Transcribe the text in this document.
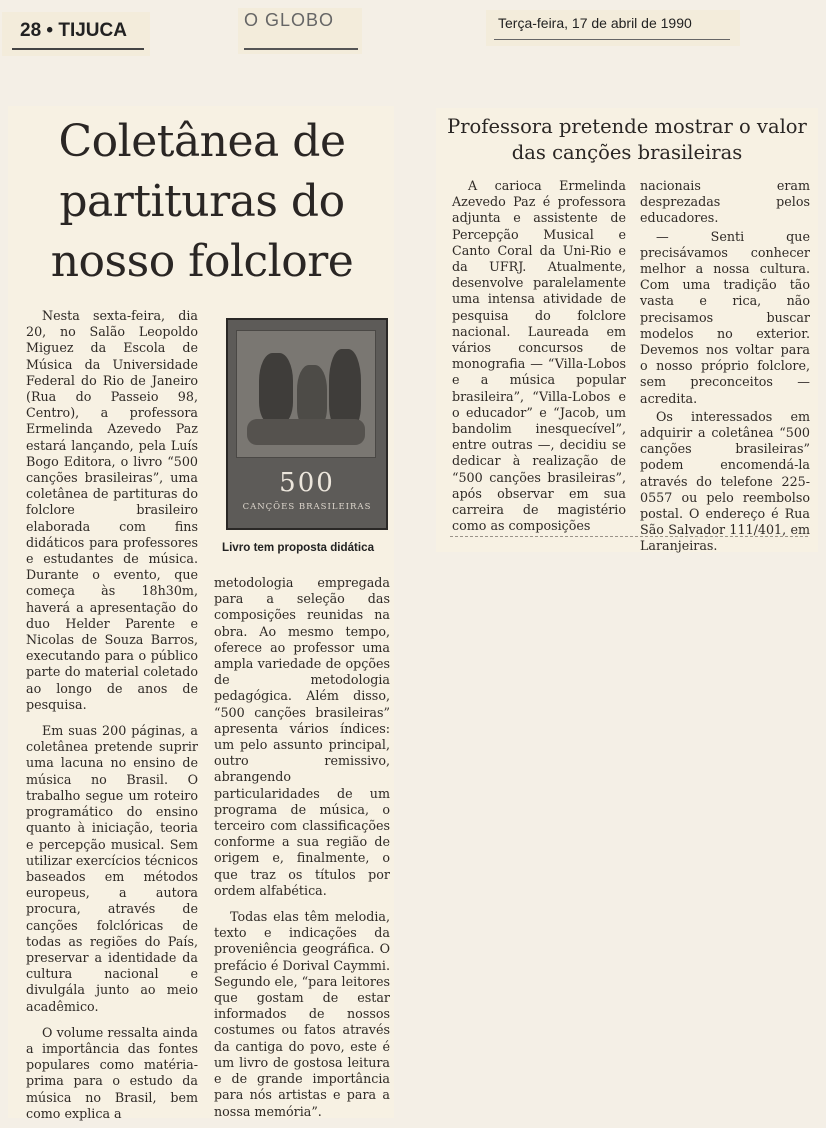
28 • TIJUCA	O GLOBO	Terça-feira, 17 de abril de 1990
Coletânea de partituras do nosso folclore

Nesta sexta-feira, dia 20, no Salão Leopoldo Miguez da Escola de Música da Universidade Federal do Rio de Janeiro (Rua do Passeio 98, Centro), a professora Ermelinda Azevedo Paz estará lançando, pela Luís Bogo Editora, o livro “500 canções brasileiras”, uma coletânea de partituras do folclore brasileiro elaborada com fins didáticos para professores e estudantes de música. Durante o evento, que começa às 18h30m, haverá a apresentação do duo Helder Parente e Nicolas de Souza Barros, executando para o público parte do material coletado ao longo de anos de pesquisa.

Em suas 200 páginas, a coletânea pretende suprir uma lacuna no ensino de música no Brasil. O trabalho segue um roteiro programático do ensino quanto à iniciação, teoria e percepção musical. Sem utilizar exercícios técnicos baseados em métodos europeus, a autora procura, através de canções folclóricas de todas as regiões do País, preservar a identidade da cultura nacional e divulgála junto ao meio acadêmico.

O volume ressalta ainda a importância das fontes populares como matéria-prima para o estudo da música no Brasil, bem como explica a

metodologia empregada para a seleção das composições reunidas na obra. Ao mesmo tempo, oferece ao professor uma ampla variedade de opções de metodologia pedagógica. Além disso, “500 canções brasileiras” apresenta vários índices: um pelo assunto principal, outro remissivo, abrangendo particularidades de um programa de música, o terceiro com classificações conforme a sua região de origem e, finalmente, o que traz os títulos por ordem alfabética.

Todas elas têm melodia, texto e indicações da proveniência geográfica. O prefácio é Dorival Caymmi. Segundo ele, “para leitores que gostam de estar informados de nossos costumes ou fatos através da cantiga do povo, este é um livro de gostosa leitura e de grande importância para nós artistas e para a nossa memória”.

500
CANÇÕES BRASILEIRAS
Livro tem proposta didática
Professora pretende mostrar o valor das canções brasileiras

A carioca Ermelinda Azevedo Paz é professora adjunta e assistente de Percepção Musical e Canto Coral da Uni-Rio e da UFRJ. Atualmente, desenvolve paralelamente uma intensa atividade de pesquisa do folclore nacional. Laureada em vários concursos de monografia — “Villa-Lobos e a música popular brasileira”, “Villa-Lobos e o educador” e “Jacob, um bandolim inesquecível”, entre outras —, decidiu se dedicar à realização de “500 canções brasileiras”, após observar em sua carreira de magistério como as composições

nacionais eram desprezadas pelos educadores.

— Senti que precisávamos conhecer melhor a nossa cultura. Com uma tradição tão vasta e rica, não precisamos buscar modelos no exterior. Devemos nos voltar para o nosso próprio folclore, sem preconceitos — acredita.

Os interessados em adquirir a coletânea “500 canções brasileiras” podem encomendá-la através do telefone 225-0557 ou pelo reembolso postal. O endereço é Rua São Salvador 111/401, em Laranjeiras.
